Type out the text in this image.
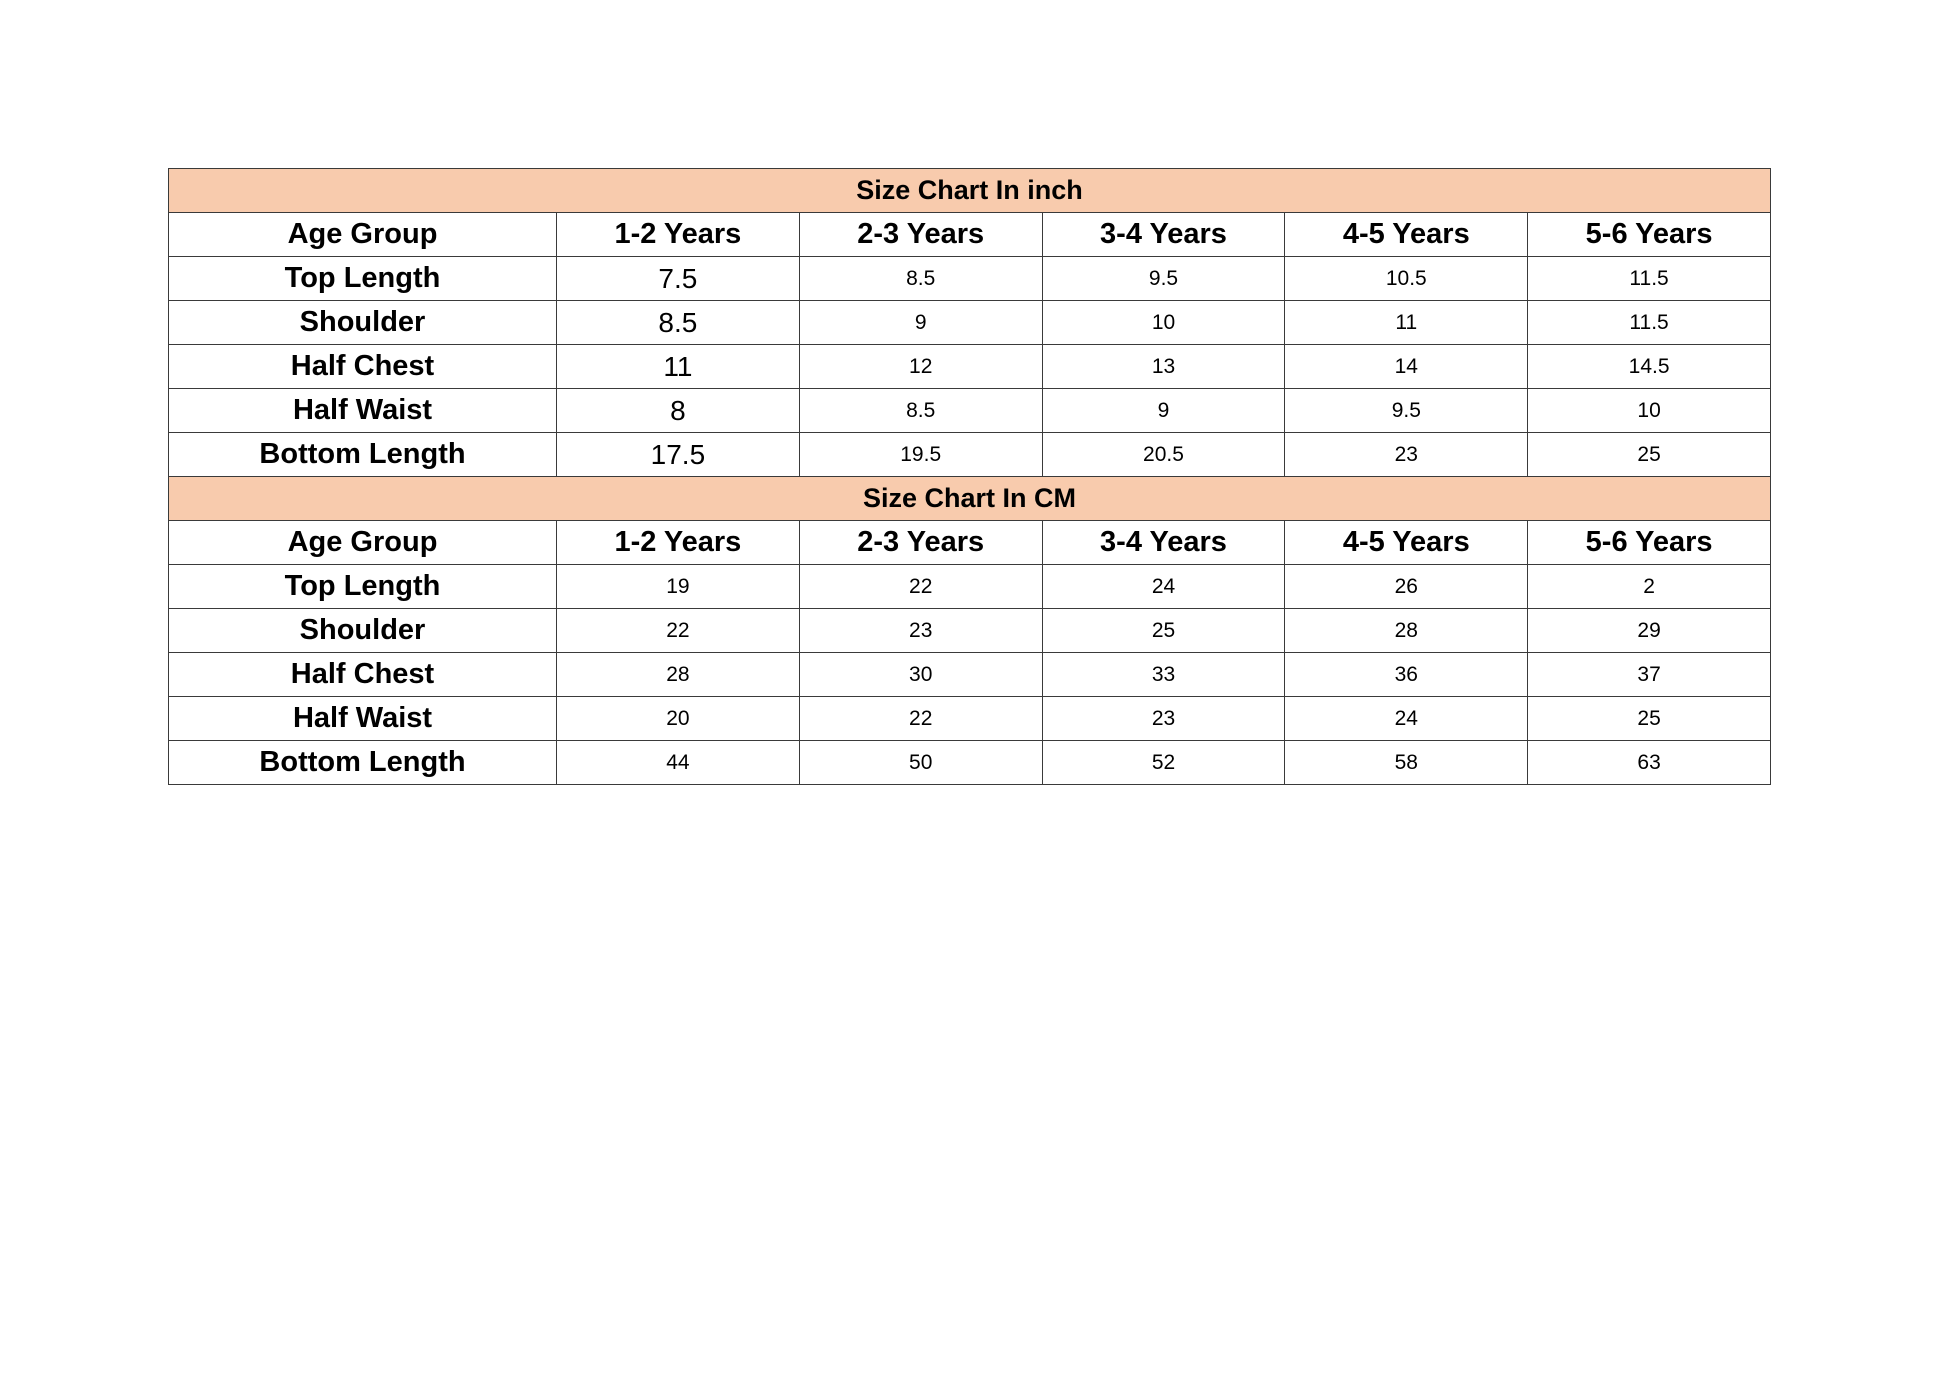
Size Chart In inch					
Age Group	1-2 Years	2-3 Years	3-4 Years	4-5 Years	5-6 Years
Top Length	7.5	8.5	9.5	10.5	11.5
Shoulder	8.5	9	10	11	11.5
Half Chest	11	12	13	14	14.5
Half Waist	8	8.5	9	9.5	10
Bottom Length	17.5	19.5	20.5	23	25
Size Chart In CM					
Age Group	1-2 Years	2-3 Years	3-4 Years	4-5 Years	5-6 Years
Top Length	19	22	24	26	2
Shoulder	22	23	25	28	29
Half Chest	28	30	33	36	37
Half Waist	20	22	23	24	25
Bottom Length	44	50	52	58	63
